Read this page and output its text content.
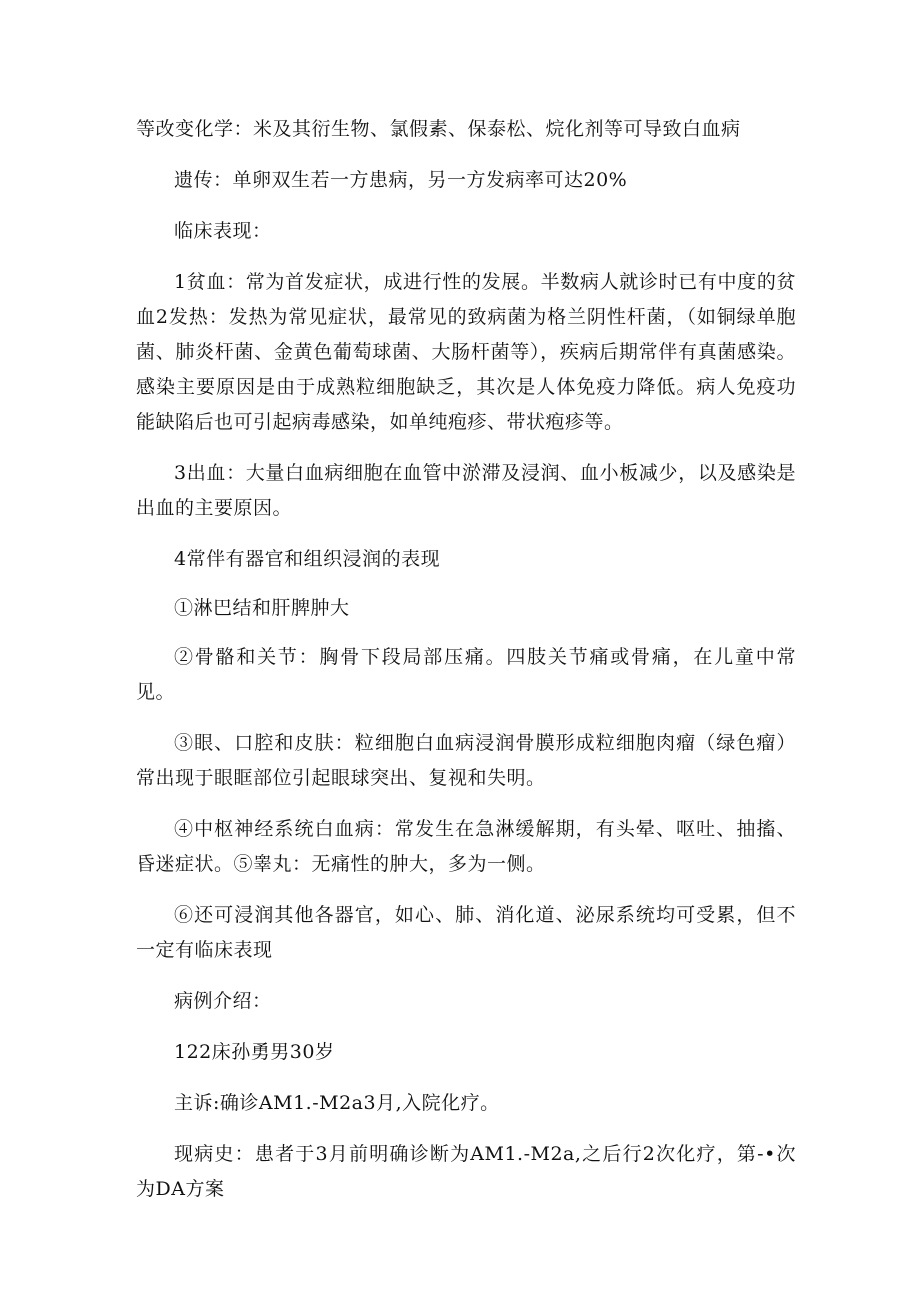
等改变化学：米及其衍生物、氯假素、保泰松、烷化剂等可导致白血病

遗传：单卵双生若一方患病，另一方发病率可达20%

临床表现：

1贫血：常为首发症状，成进行性的发展。半数病人就诊时已有中度的贫血2发热：发热为常见症状，最常见的致病菌为格兰阴性杆菌，（如铜绿单胞菌、肺炎杆菌、金黄色葡萄球菌、大肠杆菌等），疾病后期常伴有真菌感染。感染主要原因是由于成熟粒细胞缺乏，其次是人体免疫力降低。病人免疫功能缺陷后也可引起病毒感染，如单纯疱疹、带状疱疹等。

3出血：大量白血病细胞在血管中淤滞及浸润、血小板减少，以及感染是出血的主要原因。

4常伴有器官和组织浸润的表现

①淋巴结和肝脾肿大

②骨骼和关节：胸骨下段局部压痛。四肢关节痛或骨痛，在儿童中常见。

③眼、口腔和皮肤：粒细胞白血病浸润骨膜形成粒细胞肉瘤（绿色瘤）常出现于眼眶部位引起眼球突出、复视和失明。

④中枢神经系统白血病：常发生在急淋缓解期，有头晕、呕吐、抽搐、昏迷症状。⑤睾丸：无痛性的肿大，多为一侧。

⑥还可浸润其他各器官，如心、肺、消化道、泌尿系统均可受累，但不一定有临床表现

病例介绍：

122床孙勇男30岁

主诉:确诊AM1.-M2a3月,入院化疗。

现病史：患者于3月前明确诊断为AM1.-M2a,之后行2次化疗，第-•次为DA方案
